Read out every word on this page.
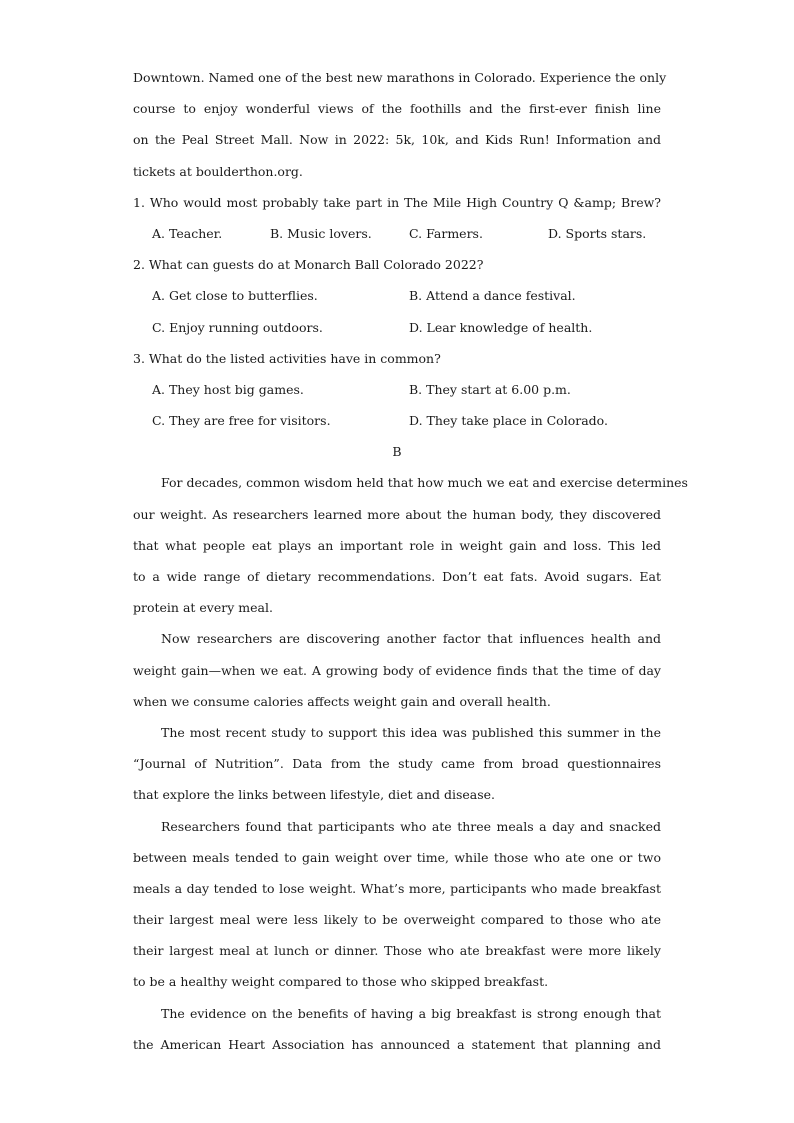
Downtown. Named one of the best new marathons in Colorado. Experience the only
course to enjoy wonderful views of the foothills and the first-ever finish line
on the Peal Street Mall. Now in 2022: 5k, 10k, and Kids Run! Information and
tickets at boulderthon.org.
1. Who would most probably take part in The Mile High Country Q &amp; Brew?
A. Teacher.	B. Music lovers.	C. Farmers.	D. Sports stars.
2. What can guests do at Monarch Ball Colorado 2022?
A. Get close to butterflies.	B. Attend a dance festival.
C. Enjoy running outdoors.	D. Lear knowledge of health.
3. What do the listed activities have in common?
A. They host big games.	B. They start at 6.00 p.m.
C. They are free for visitors.	D. They take place in Colorado.
B
For decades, common wisdom held that how much we eat and exercise determines
our weight. As researchers learned more about the human body, they discovered
that what people eat plays an important role in weight gain and loss. This led
to a wide range of dietary recommendations. Don’t eat fats. Avoid sugars. Eat
protein at every meal.
Now researchers are discovering another factor that influences health and
weight gain—when we eat. A growing body of evidence finds that the time of day
when we consume calories affects weight gain and overall health.
The most recent study to support this idea was published this summer in the
“Journal of Nutrition”. Data from the study came from broad questionnaires
that explore the links between lifestyle, diet and disease.
Researchers found that participants who ate three meals a day and snacked
between meals tended to gain weight over time, while those who ate one or two
meals a day tended to lose weight. What’s more, participants who made breakfast
their largest meal were less likely to be overweight compared to those who ate
their largest meal at lunch or dinner. Those who ate breakfast were more likely
to be a healthy weight compared to those who skipped breakfast.
The evidence on the benefits of having a big breakfast is strong enough that
the American Heart Association has announced a statement that planning and
